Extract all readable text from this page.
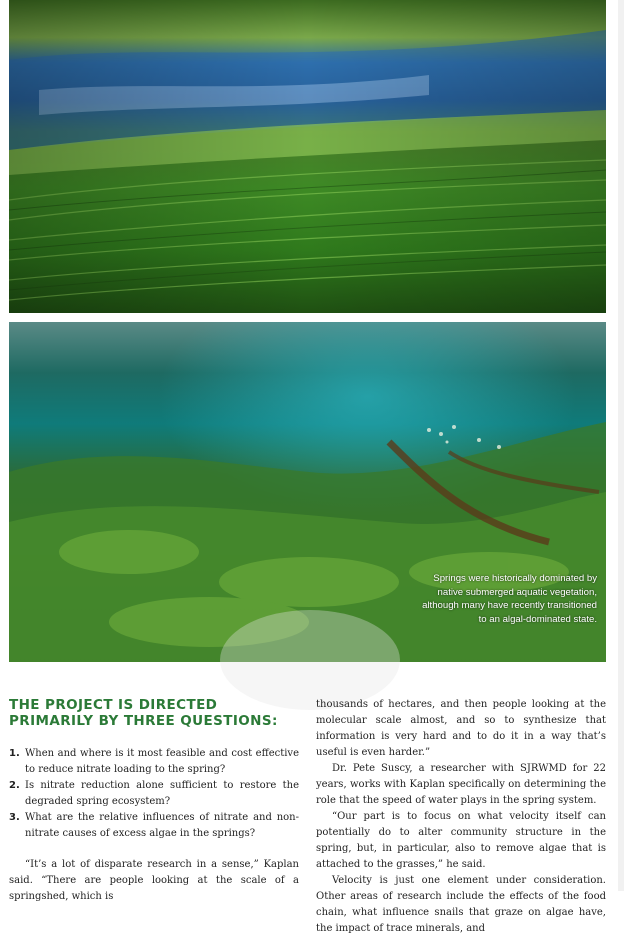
Springs were historically dominated by
native submerged aquatic vegetation,
although many have recently transitioned
to an algal-dominated state.
THE PROJECT IS DIRECTED
PRIMARILY BY THREE QUESTIONS:
1. When and where is it most feasible and cost effective to reduce nitrate loading to the spring?
2. Is nitrate reduction alone sufficient to restore the degraded spring ecosystem?
3. What are the relative influences of nitrate and non-nitrate causes of excess algae in the springs?

“It’s a lot of disparate research in a sense,” Kaplan said. “There are people looking at the scale of a springshed, which is

thousands of hectares, and then people looking at the molecular scale almost, and so to synthesize that information is very hard and to do it in a way that’s useful is even harder.”

Dr. Pete Suscy, a researcher with SJRWMD for 22 years, works with Kaplan specifically on determining the role that the speed of water plays in the spring system.

“Our part is to focus on what velocity itself can potentially do to alter community structure in the spring, but, in particular, also to remove algae that is attached to the grasses,” he said.

Velocity is just one element under consideration. Other areas of research include the effects of the food chain, what influence snails that graze on algae have, the impact of trace minerals, and
